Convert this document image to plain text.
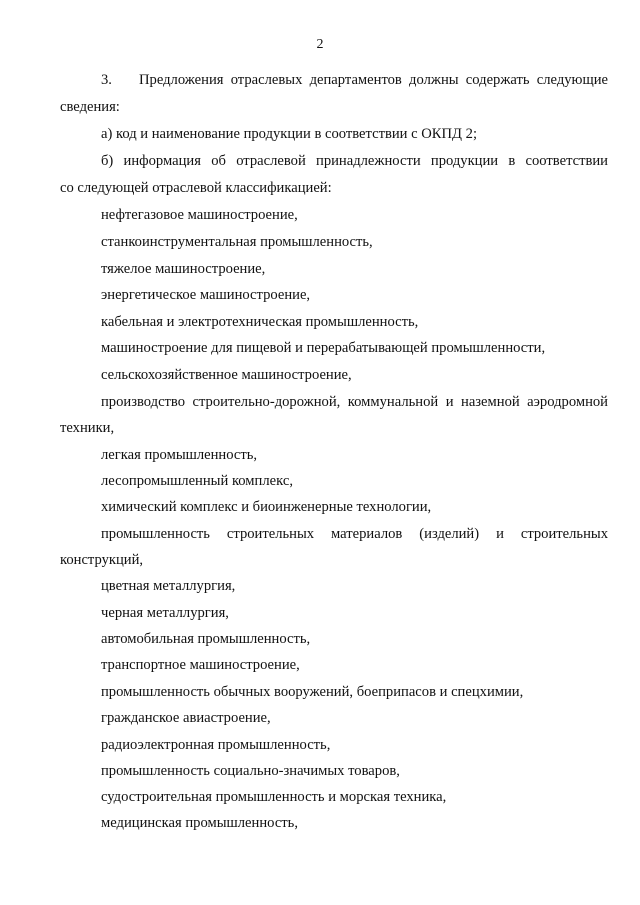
2
3. Предложения отраслевых департаментов должны содержать следующие
сведения:
а) код и наименование продукции в соответствии с ОКПД 2;
б) информация об отраслевой принадлежности продукции в соответствии
со следующей отраслевой классификацией:
нефтегазовое машиностроение,
станкоинструментальная промышленность,
тяжелое машиностроение,
энергетическое машиностроение,
кабельная и электротехническая промышленность,
машиностроение для пищевой и перерабатывающей промышленности,
сельскохозяйственное машиностроение,
производство строительно-дорожной, коммунальной и наземной аэродромной
техники,
легкая промышленность,
лесопромышленный комплекс,
химический комплекс и биоинженерные технологии,
промышленность строительных материалов (изделий) и строительных
конструкций,
цветная металлургия,
черная металлургия,
автомобильная промышленность,
транспортное машиностроение,
промышленность обычных вооружений, боеприпасов и спецхимии,
гражданское авиастроение,
радиоэлектронная промышленность,
промышленность социально-значимых товаров,
судостроительная промышленность и морская техника,
медицинская промышленность,
